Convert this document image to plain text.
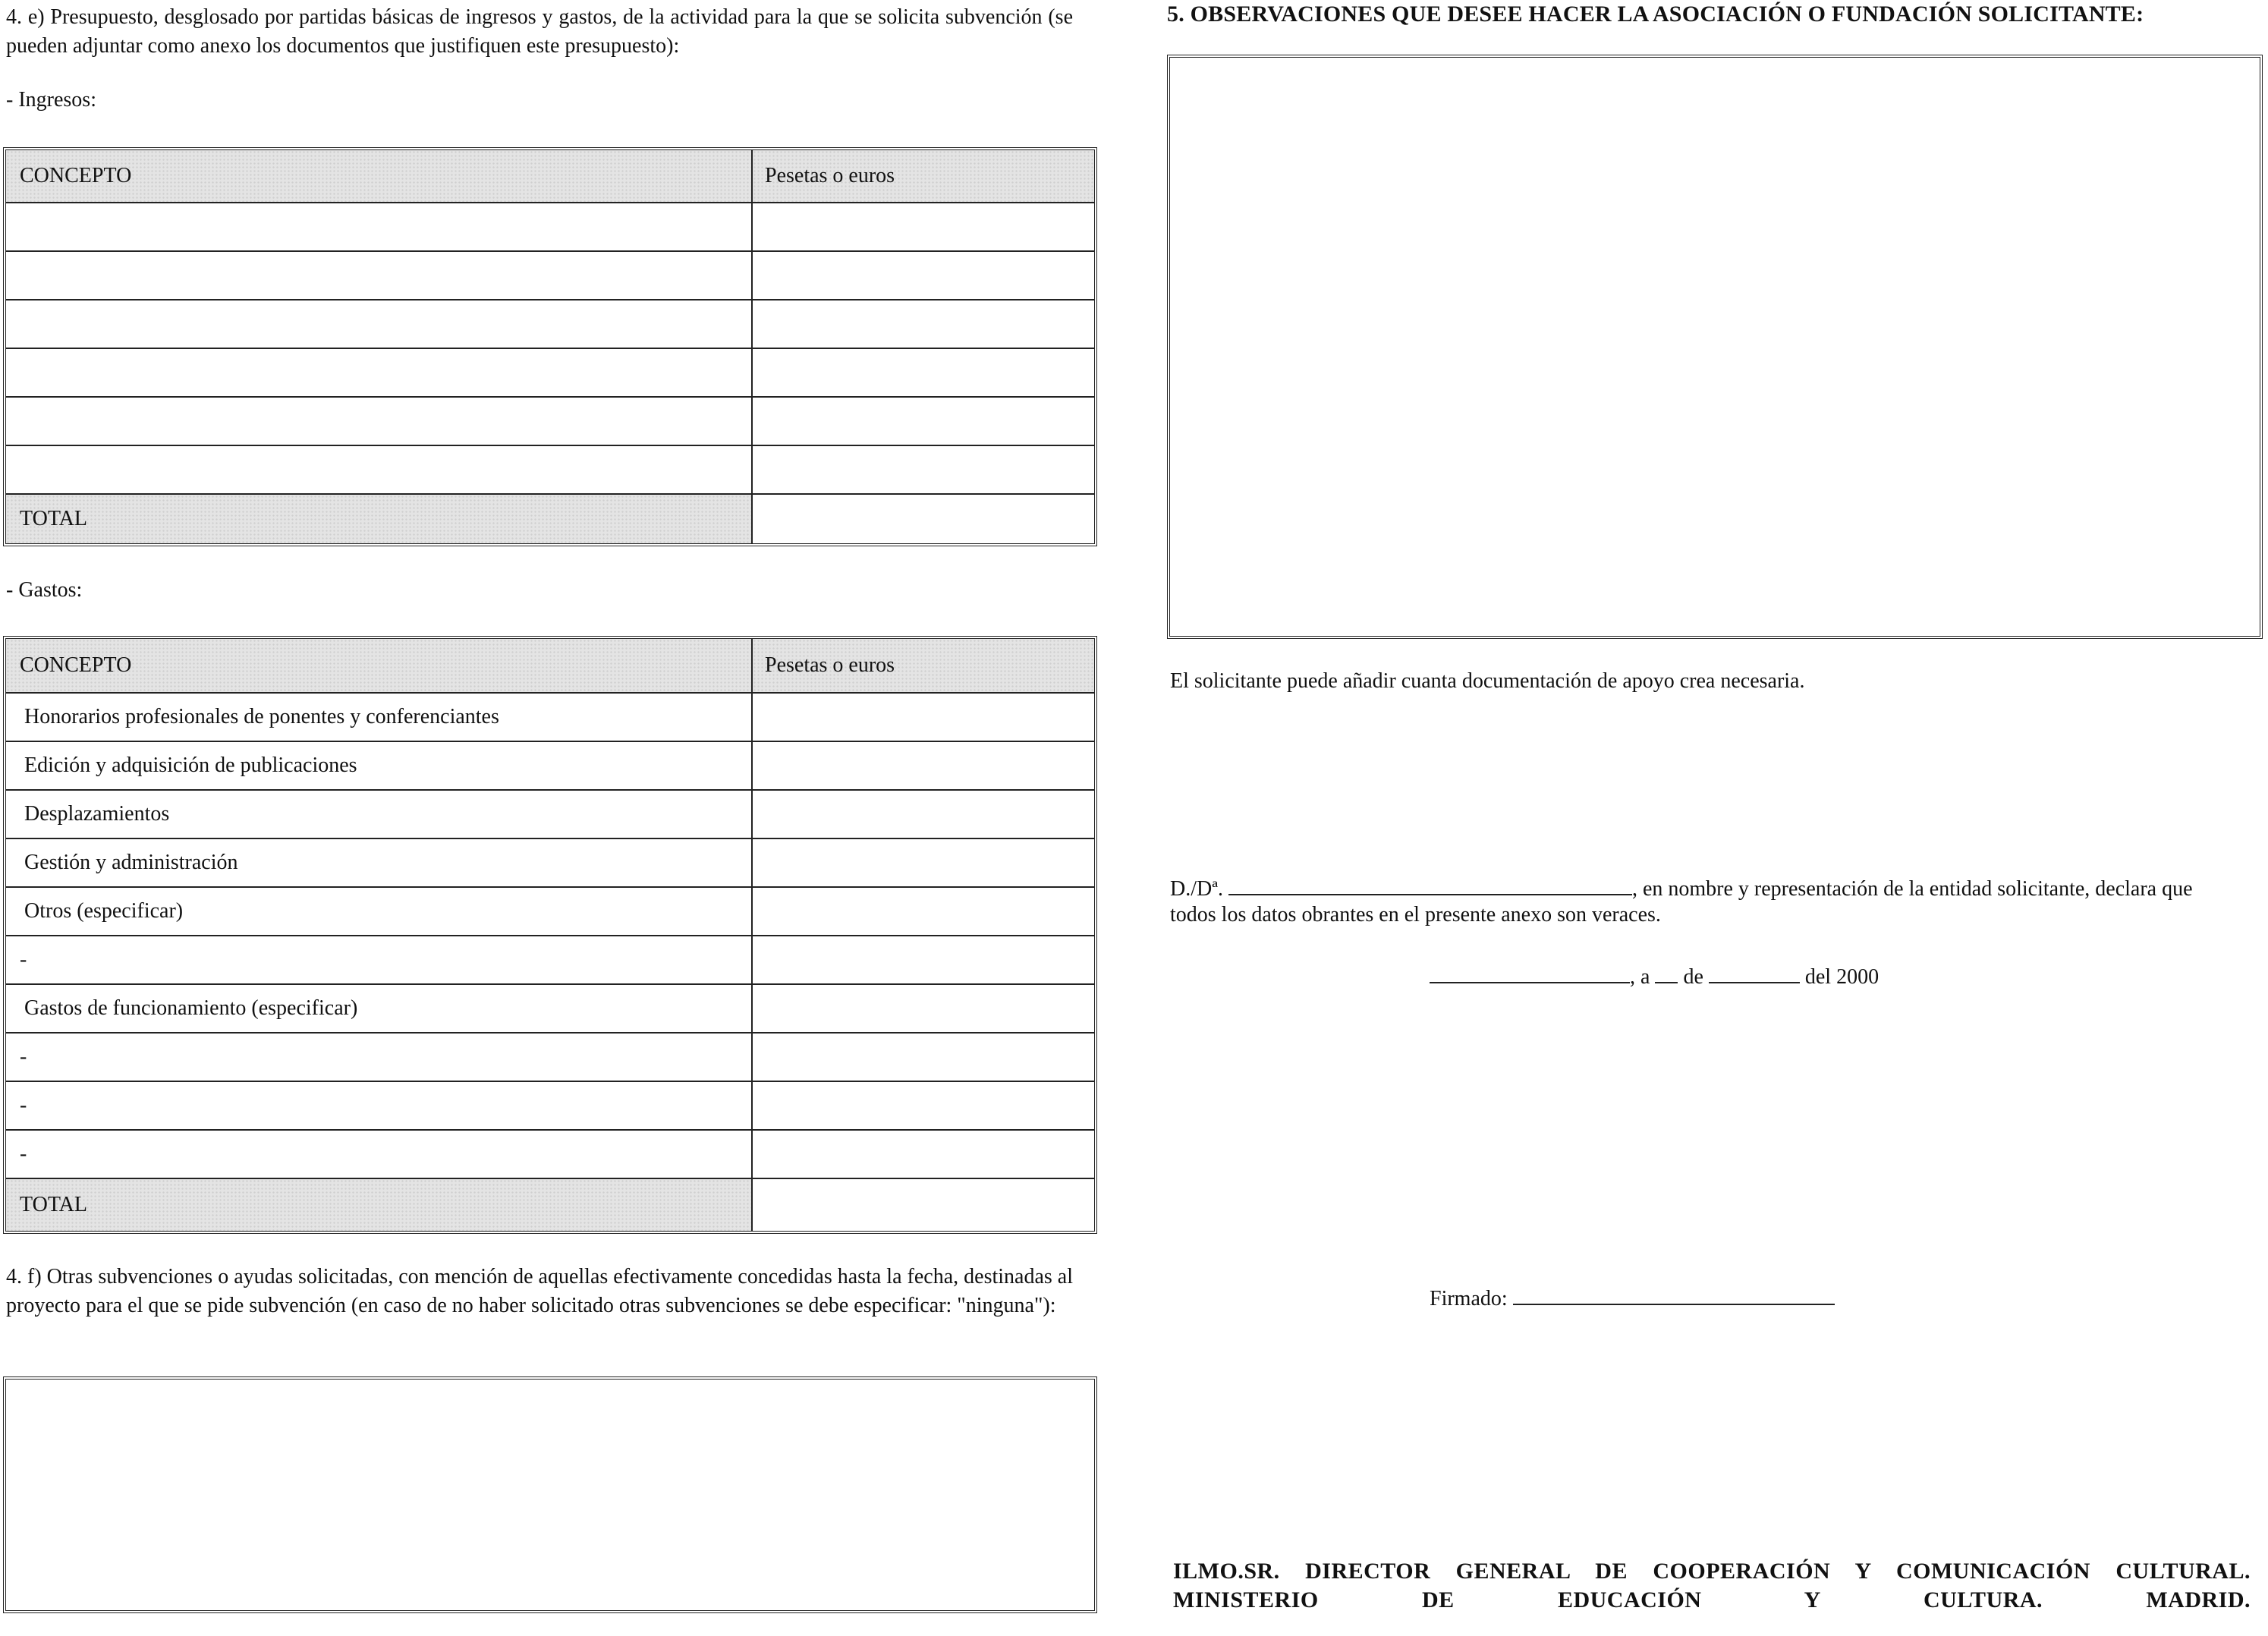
4. e) Presupuesto, desglosado por partidas básicas de ingresos y gastos, de la actividad para la que se solicita subvención (se pueden adjuntar como anexo los documentos que justifiquen este presupuesto):
- Ingresos:
CONCEPTO	Pesetas o euros
TOTAL
- Gastos:
CONCEPTO	Pesetas o euros
Honorarios profesionales de ponentes y conferenciantes
Edición y adquisición de publicaciones
Desplazamientos
Gestión y administración
Otros (especificar)
-
Gastos de funcionamiento (especificar)
-
-
-
TOTAL
4. f) Otras subvenciones o ayudas solicitadas, con mención de aquellas efectivamente concedidas hasta la fecha, destinadas al proyecto para el que se pide subvención (en caso de no haber solicitado otras subvenciones se debe especificar: "ninguna"):
5. OBSERVACIONES QUE DESEE HACER LA ASOCIACIÓN O FUNDACIÓN SOLICITANTE:
El solicitante puede añadir cuanta documentación de apoyo crea necesaria.
D./Dª.	, en nombre y representación de la entidad solicitante, declara que
todos los datos obrantes en el presente anexo son veraces.
, a de	del 2000
Firmado:
ILMO.SR. DIRECTOR GENERAL DE COOPERACIÓN Y COMUNICACIÓN CULTURAL. MINISTERIO DE EDUCACIÓN Y CULTURA. MADRID.
